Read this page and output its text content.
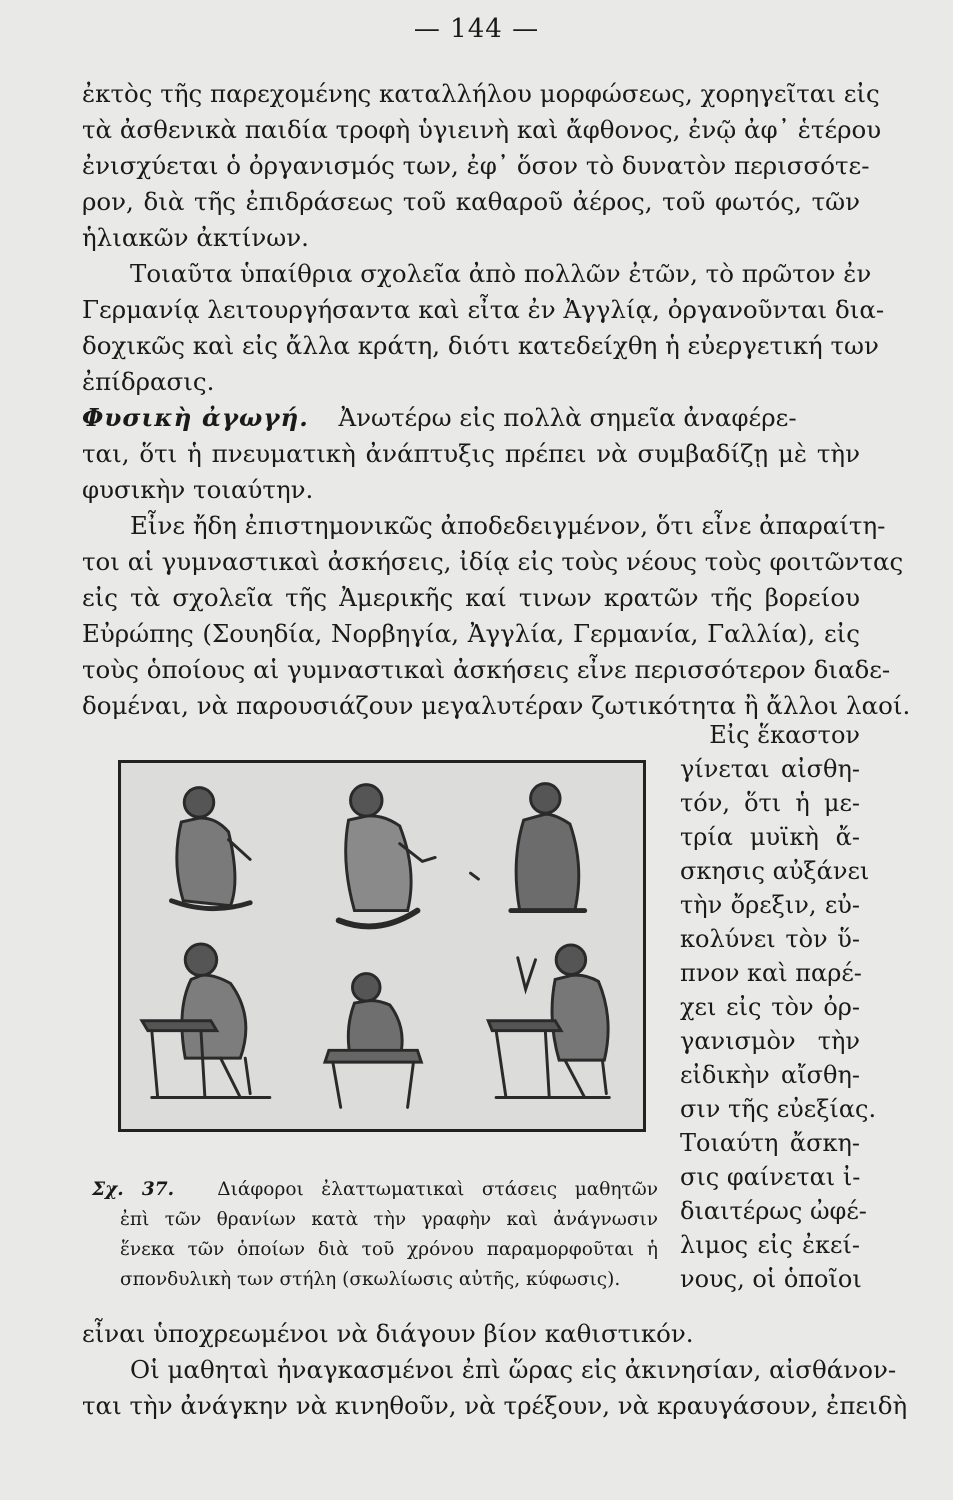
— 144 —
ἐκτὸς τῆς παρεχομένης καταλλήλου μορφώσεως, χορηγεῖται εἰς
τὰ ἀσθενικὰ παιδία τροφὴ ὑγιεινὴ καὶ ἄφθονος, ἐνῷ ἀφ᾽ ἑτέρου
ἐνισχύεται ὁ ὀργανισμός των, ἐφ᾽ ὅσον τὸ δυνατὸν περισσότε-
ρον, διὰ τῆς ἐπιδράσεως τοῦ καθαροῦ ἀέρος, τοῦ φωτός, τῶν
ἡλιακῶν ἀκτίνων.
Τοιαῦτα ὑπαίθρια σχολεῖα ἀπὸ πολλῶν ἐτῶν, τὸ πρῶτον ἐν
Γερμανίᾳ λειτουργήσαντα καὶ εἶτα ἐν Ἀγγλίᾳ, ὀργανοῦνται δια-
δοχικῶς καὶ εἰς ἄλλα κράτη, διότι κατεδείχθη ἡ εὐεργετική των
ἐπίδρασις.
Φυσικὴ ἀγωγή. Ἀνωτέρω εἰς πολλὰ σημεῖα ἀναφέρε-
ται, ὅτι ἡ πνευματικὴ ἀνάπτυξις πρέπει νὰ συμβαδίζῃ μὲ τὴν
φυσικὴν τοιαύτην.
Εἶνε ἤδη ἐπιστημονικῶς ἀποδεδειγμένον, ὅτι εἶνε ἀπαραίτη-
τοι αἱ γυμναστικαὶ ἀσκήσεις, ἰδίᾳ εἰς τοὺς νέους τοὺς φοιτῶντας
εἰς τὰ σχολεῖα τῆς Ἀμερικῆς καί τινων κρατῶν τῆς βορείου
Εὐρώπης (Σουηδία, Νορβηγία, Ἀγγλία, Γερμανία, Γαλλία), εἰς
τοὺς ὁποίους αἱ γυμναστικαὶ ἀσκήσεις εἶνε περισσότερον διαδε-
δομέναι, νὰ παρουσιάζουν μεγαλυτέραν ζωτικότητα ἢ ἄλλοι λαοί.
Εἰς ἕκαστον
γίνεται αἰσθη-
τόν, ὅτι ἡ με-
τρία μυϊκὴ ἄ-
σκησις αὐξάνει
τὴν ὄρεξιν, εὐ-
κολύνει τὸν ὕ-
πνον καὶ παρέ-
χει εἰς τὸν ὀρ-
γανισμὸν τὴν
εἰδικὴν αἴσθη-
σιν τῆς εὐεξίας.
Τοιαύτη ἄσκη-
σις φαίνεται ἰ-
διαιτέρως ὠφέ-
λιμος εἰς ἐκεί-
νους, οἱ ὁποῖοι
Σχ. 37. Διάφοροι ἐλαττωματικαὶ στάσεις μαθητῶν
ἐπὶ τῶν θρανίων κατὰ τὴν γραφὴν καὶ ἀνάγνωσιν
ἕνεκα τῶν ὁποίων διὰ τοῦ χρόνου παραμορφοῦται ἡ
σπονδυλικὴ των στήλη (σκωλίωσις αὐτῆς, κύφωσις).
εἶναι ὑποχρεωμένοι νὰ διάγουν βίον καθιστικόν.
Οἱ μαθηταὶ ἠναγκασμένοι ἐπὶ ὥρας εἰς ἀκινησίαν, αἰσθάνον-
ται τὴν ἀνάγκην νὰ κινηθοῦν, νὰ τρέξουν, νὰ κραυγάσουν, ἐπειδὴ
